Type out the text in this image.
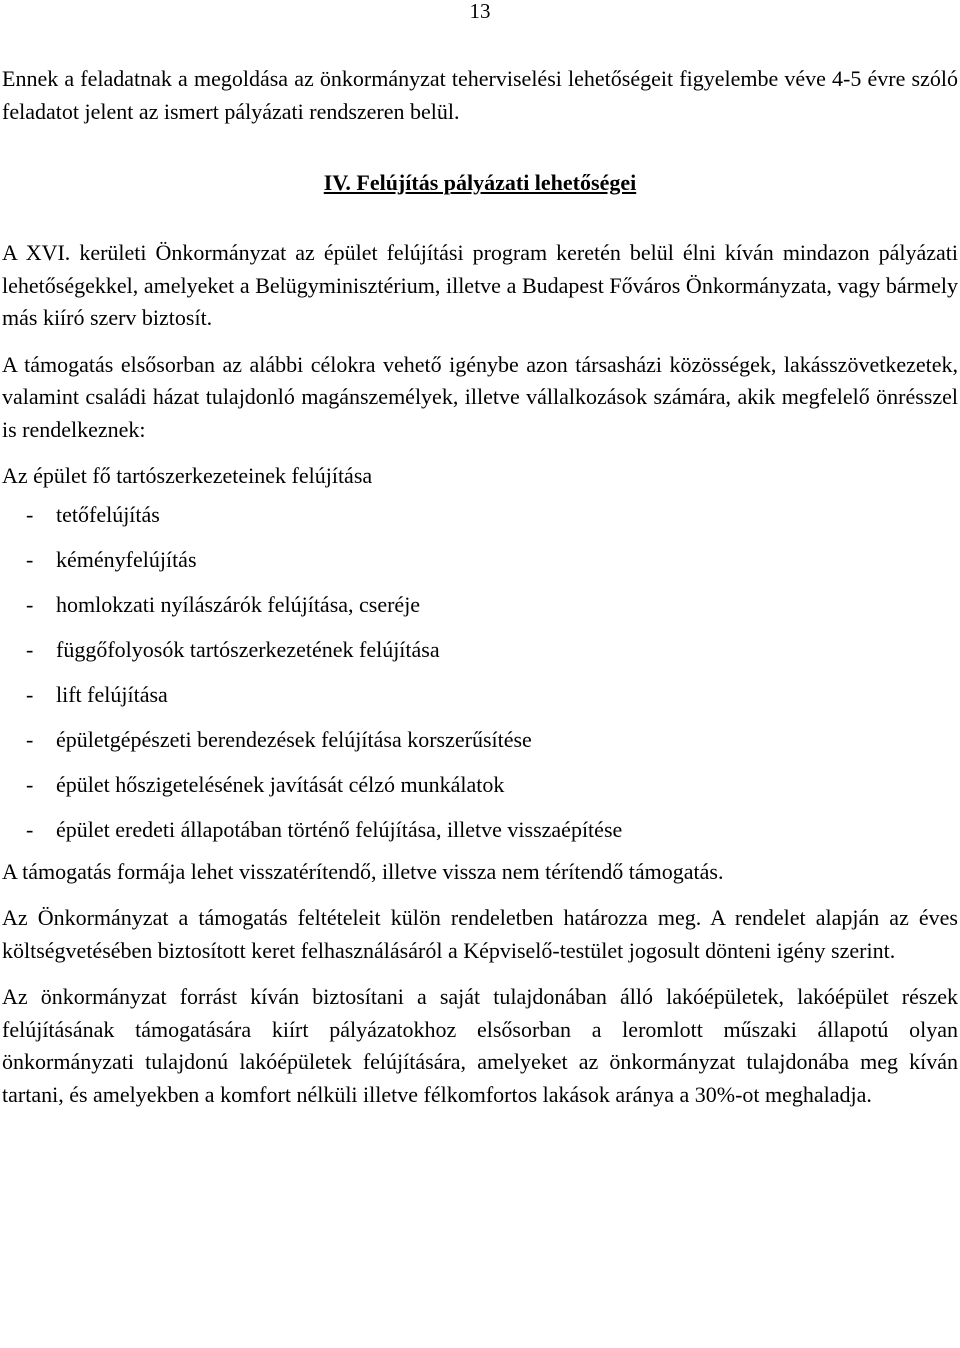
13

Ennek a feladatnak a megoldása az önkormányzat teherviselési lehetőségeit figyelembe véve 4-5 évre szóló feladatot jelent az ismert pályázati rendszeren belül.

IV. Felújítás pályázati lehetőségei

A XVI. kerületi Önkormányzat az épület felújítási program keretén belül élni kíván mindazon pályázati lehetőségekkel, amelyeket a Belügyminisztérium, illetve a Budapest Főváros Önkormányzata, vagy bármely más kiíró szerv biztosít.

A támogatás elsősorban az alábbi célokra vehető igénybe azon társasházi közösségek, lakásszövetkezetek, valamint családi házat tulajdonló magánszemélyek, illetve vállalkozások számára, akik megfelelő önrésszel is rendelkeznek:

Az épület fő tartószerkezeteinek felújítása

- tetőfelújítás

- kéményfelújítás

- homlokzati nyílászárók felújítása, cseréje

- függőfolyosók tartószerkezetének felújítása

- lift felújítása

- épületgépészeti berendezések felújítása korszerűsítése

- épület hőszigetelésének javítását célzó munkálatok

- épület eredeti állapotában történő felújítása, illetve visszaépítése

A támogatás formája lehet visszatérítendő, illetve vissza nem térítendő támogatás.

Az Önkormányzat a támogatás feltételeit külön rendeletben határozza meg. A rendelet alapján az éves költségvetésében biztosított keret felhasználásáról a Képviselő-testület jogosult dönteni igény szerint.

Az önkormányzat forrást kíván biztosítani a saját tulajdonában álló lakóépületek, lakóépület részek felújításának támogatására kiírt pályázatokhoz elsősorban a leromlott műszaki állapotú olyan önkormányzati tulajdonú lakóépületek felújítására, amelyeket az önkormányzat tulajdonába meg kíván tartani, és amelyekben a komfort nélküli illetve félkomfortos lakások aránya a 30%-ot meghaladja.
